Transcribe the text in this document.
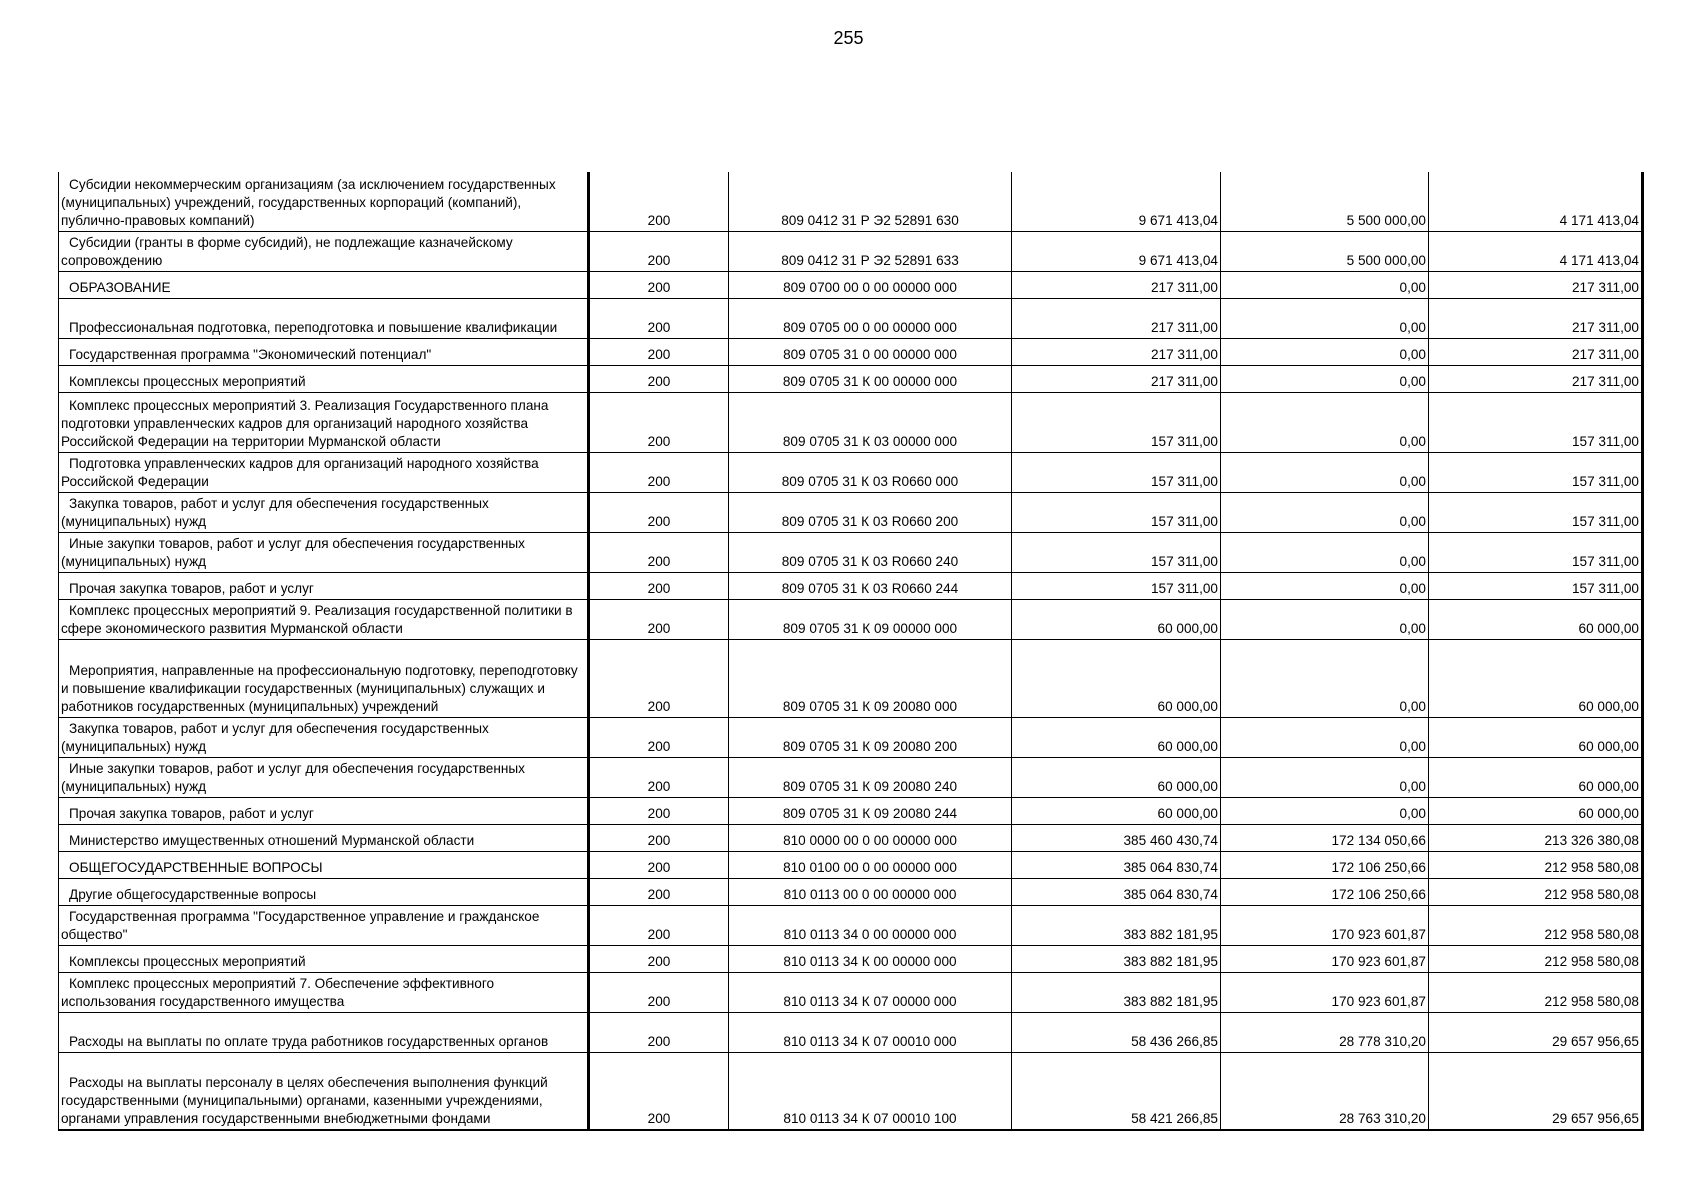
255
Субсидии некоммерческим организациям (за исключением государственных (муниципальных) учреждений, государственных корпораций (компаний), публично-правовых компаний)	200	809 0412 31 Р Э2 52891 630	9 671 413,04	5 500 000,00	4 171 413,04
Субсидии (гранты в форме субсидий), не подлежащие казначейскому сопровождению	200	809 0412 31 Р Э2 52891 633	9 671 413,04	5 500 000,00	4 171 413,04
ОБРАЗОВАНИЕ	200	809 0700 00 0 00 00000 000	217 311,00	0,00	217 311,00
Профессиональная подготовка, переподготовка и повышение квалификации	200	809 0705 00 0 00 00000 000	217 311,00	0,00	217 311,00
Государственная программа "Экономический потенциал"	200	809 0705 31 0 00 00000 000	217 311,00	0,00	217 311,00
Комплексы процессных мероприятий	200	809 0705 31 К 00 00000 000	217 311,00	0,00	217 311,00
Комплекс процессных мероприятий 3. Реализация Государственного плана подготовки управленческих кадров для организаций народного хозяйства Российской Федерации на территории Мурманской области	200	809 0705 31 К 03 00000 000	157 311,00	0,00	157 311,00
Подготовка управленческих кадров для организаций народного хозяйства Российской Федерации	200	809 0705 31 К 03 R0660 000	157 311,00	0,00	157 311,00
Закупка товаров, работ и услуг для обеспечения государственных (муниципальных) нужд	200	809 0705 31 К 03 R0660 200	157 311,00	0,00	157 311,00
Иные закупки товаров, работ и услуг для обеспечения государственных (муниципальных) нужд	200	809 0705 31 К 03 R0660 240	157 311,00	0,00	157 311,00
Прочая закупка товаров, работ и услуг	200	809 0705 31 К 03 R0660 244	157 311,00	0,00	157 311,00
Комплекс процессных мероприятий 9. Реализация государственной политики в сфере экономического развития Мурманской области	200	809 0705 31 К 09 00000 000	60 000,00	0,00	60 000,00
Мероприятия, направленные на профессиональную подготовку, переподготовку и повышение квалификации государственных (муниципальных) служащих и работников государственных (муниципальных) учреждений	200	809 0705 31 К 09 20080 000	60 000,00	0,00	60 000,00
Закупка товаров, работ и услуг для обеспечения государственных (муниципальных) нужд	200	809 0705 31 К 09 20080 200	60 000,00	0,00	60 000,00
Иные закупки товаров, работ и услуг для обеспечения государственных (муниципальных) нужд	200	809 0705 31 К 09 20080 240	60 000,00	0,00	60 000,00
Прочая закупка товаров, работ и услуг	200	809 0705 31 К 09 20080 244	60 000,00	0,00	60 000,00
Министерство имущественных отношений Мурманской области	200	810 0000 00 0 00 00000 000	385 460 430,74	172 134 050,66	213 326 380,08
ОБЩЕГОСУДАРСТВЕННЫЕ ВОПРОСЫ	200	810 0100 00 0 00 00000 000	385 064 830,74	172 106 250,66	212 958 580,08
Другие общегосударственные вопросы	200	810 0113 00 0 00 00000 000	385 064 830,74	172 106 250,66	212 958 580,08
Государственная программа "Государственное управление и гражданское общество"	200	810 0113 34 0 00 00000 000	383 882 181,95	170 923 601,87	212 958 580,08
Комплексы процессных мероприятий	200	810 0113 34 К 00 00000 000	383 882 181,95	170 923 601,87	212 958 580,08
Комплекс процессных мероприятий 7. Обеспечение эффективного использования государственного имущества	200	810 0113 34 К 07 00000 000	383 882 181,95	170 923 601,87	212 958 580,08
Расходы на выплаты по оплате труда работников государственных органов	200	810 0113 34 К 07 00010 000	58 436 266,85	28 778 310,20	29 657 956,65
Расходы на выплаты персоналу в целях обеспечения выполнения функций государственными (муниципальными) органами, казенными учреждениями, органами управления государственными внебюджетными фондами	200	810 0113 34 К 07 00010 100	58 421 266,85	28 763 310,20	29 657 956,65
